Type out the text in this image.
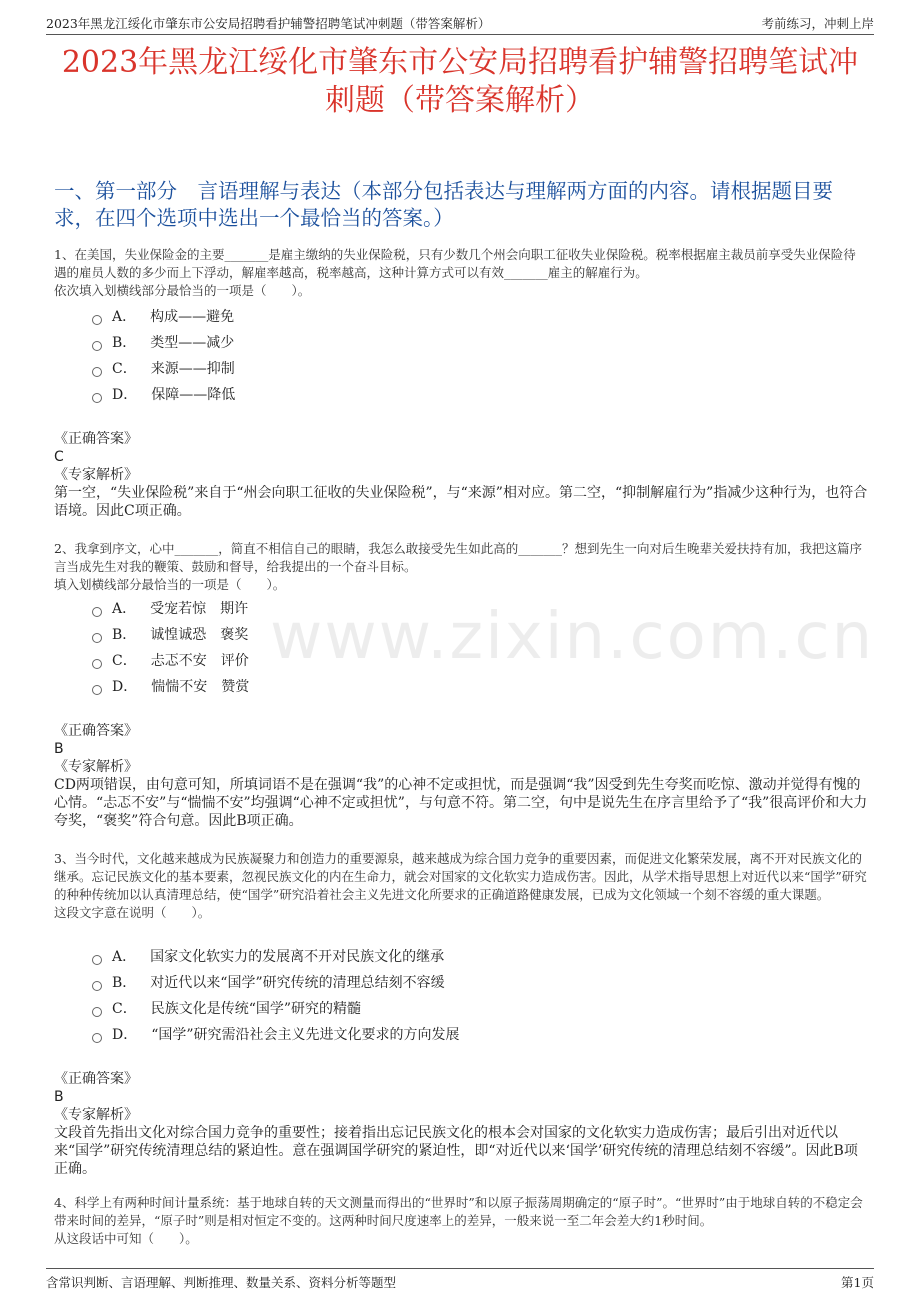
2023年黑龙江绥化市肇东市公安局招聘看护辅警招聘笔试冲刺题（带答案解析）	考前练习，冲刺上岸
2023年黑龙江绥化市肇东市公安局招聘看护辅警招聘笔试冲刺题（带答案解析）
一、第一部分　言语理解与表达（本部分包括表达与理解两方面的内容。请根据题目要求，在四个选项中选出一个最恰当的答案。）
www.zixin.com.cn
1、在美国，失业保险金的主要_______是雇主缴纳的失业保险税，只有少数几个州会向职工征收失业保险税。税率根据雇主裁员前享受失业保险待遇的雇员人数的多少而上下浮动，解雇率越高，税率越高，这种计算方式可以有效_______雇主的解雇行为。
依次填入划横线部分最恰当的一项是（　　）。
A． 构成——避免
B． 类型——减少
C． 来源——抑制
D． 保障——降低
《正确答案》
C
《专家解析》
第一空，“失业保险税”来自于“州会向职工征收的失业保险税”，与“来源”相对应。第二空，“抑制解雇行为”指减少这种行为，也符合语境。因此C项正确。
2、我拿到序文，心中_______，简直不相信自己的眼睛，我怎么敢接受先生如此高的_______？想到先生一向对后生晚辈关爱扶持有加，我把这篇序言当成先生对我的鞭策、鼓励和督导，给我提出的一个奋斗目标。
填入划横线部分最恰当的一项是（　　）。
A． 受宠若惊　期许
B． 诚惶诚恐　褒奖
C． 忐忑不安　评价
D． 惴惴不安　赞赏
《正确答案》
B
《专家解析》
CD两项错误，由句意可知，所填词语不是在强调“我”的心神不定或担忧，而是强调“我”因受到先生夸奖而吃惊、激动并觉得有愧的心情。“忐忑不安”与“惴惴不安”均强调“心神不定或担忧”，与句意不符。第二空，句中是说先生在序言里给予了“我”很高评价和大力夸奖，“褒奖”符合句意。因此B项正确。
3、当今时代，文化越来越成为民族凝聚力和创造力的重要源泉，越来越成为综合国力竞争的重要因素，而促进文化繁荣发展，离不开对民族文化的继承。忘记民族文化的基本要素，忽视民族文化的内在生命力，就会对国家的文化软实力造成伤害。因此，从学术指导思想上对近代以来“国学”研究的种种传统加以认真清理总结，使“国学”研究沿着社会主义先进文化所要求的正确道路健康发展，已成为文化领域一个刻不容缓的重大课题。
这段文字意在说明（　　）。
A． 国家文化软实力的发展离不开对民族文化的继承
B． 对近代以来“国学”研究传统的清理总结刻不容缓
C． 民族文化是传统“国学”研究的精髓
D． “国学”研究需沿社会主义先进文化要求的方向发展
《正确答案》
B
《专家解析》
文段首先指出文化对综合国力竞争的重要性；接着指出忘记民族文化的根本会对国家的文化软实力造成伤害；最后引出对近代以来“国学”研究传统清理总结的紧迫性。意在强调国学研究的紧迫性，即“对近代以来‘国学’研究传统的清理总结刻不容缓”。因此B项正确。
4、科学上有两种时间计量系统：基于地球自转的天文测量而得出的“世界时”和以原子振荡周期确定的“原子时”。“世界时”由于地球自转的不稳定会带来时间的差异，“原子时”则是相对恒定不变的。这两种时间尺度速率上的差异，一般来说一至二年会差大约1秒时间。
从这段话中可知（　　）。
含常识判断、言语理解、判断推理、数量关系、资料分析等题型	第1页
